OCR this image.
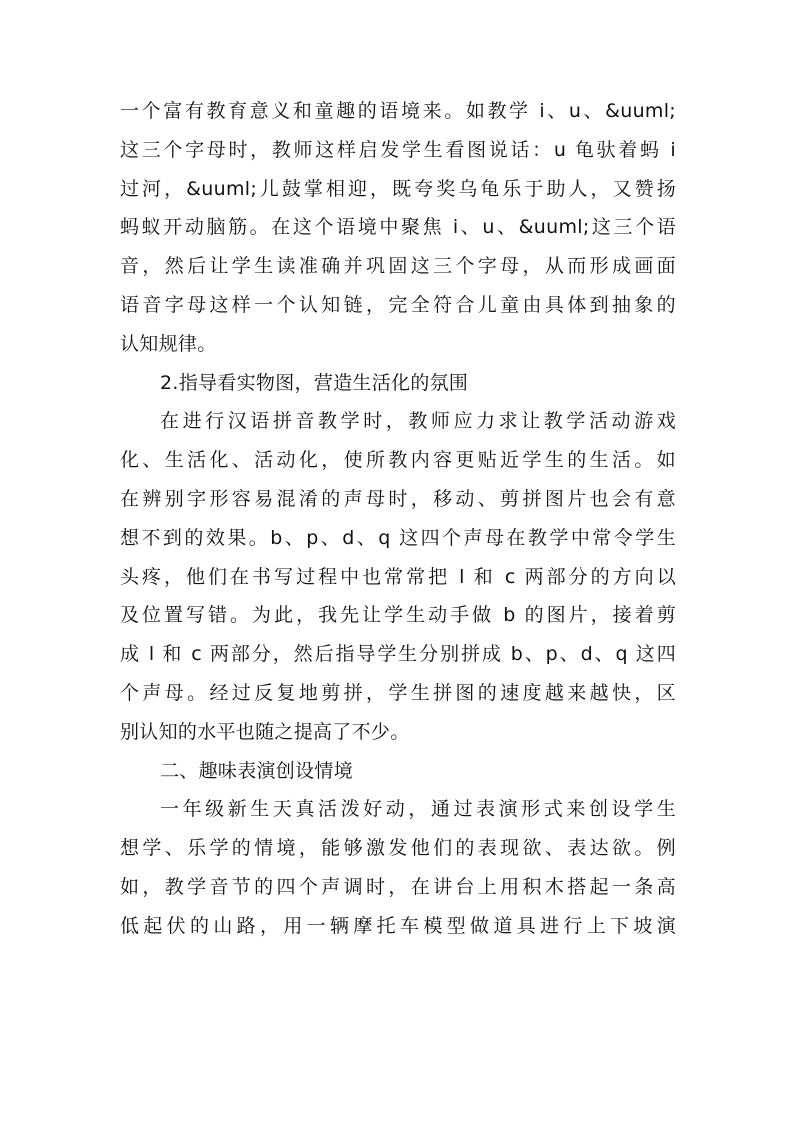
一个富有教育意义和童趣的语境来。如教学 i、u、&uuml;
这三个字母时，教师这样启发学生看图说话：u 龟驮着蚂 i
过河，&uuml;儿鼓掌相迎，既夸奖乌龟乐于助人，又赞扬
蚂蚁开动脑筋。在这个语境中聚焦 i、u、&uuml;这三个语
音，然后让学生读准确并巩固这三个字母，从而形成画面
语音字母这样一个认知链，完全符合儿童由具体到抽象的
认知规律。
2.指导看实物图，营造生活化的氛围
在进行汉语拼音教学时，教师应力求让教学活动游戏
化、生活化、活动化，使所教内容更贴近学生的生活。如
在辨别字形容易混淆的声母时，移动、剪拼图片也会有意
想不到的效果。b、p、d、q 这四个声母在教学中常令学生
头疼，他们在书写过程中也常常把 l 和 c 两部分的方向以
及位置写错。为此，我先让学生动手做 b 的图片，接着剪
成 l 和 c 两部分，然后指导学生分别拼成 b、p、d、q 这四
个声母。经过反复地剪拼，学生拼图的速度越来越快，区
别认知的水平也随之提高了不少。
二、趣味表演创设情境
一年级新生天真活泼好动，通过表演形式来创设学生
想学、乐学的情境，能够激发他们的表现欲、表达欲。例
如，教学音节的四个声调时，在讲台上用积木搭起一条高
低起伏的山路，用一辆摩托车模型做道具进行上下坡演
